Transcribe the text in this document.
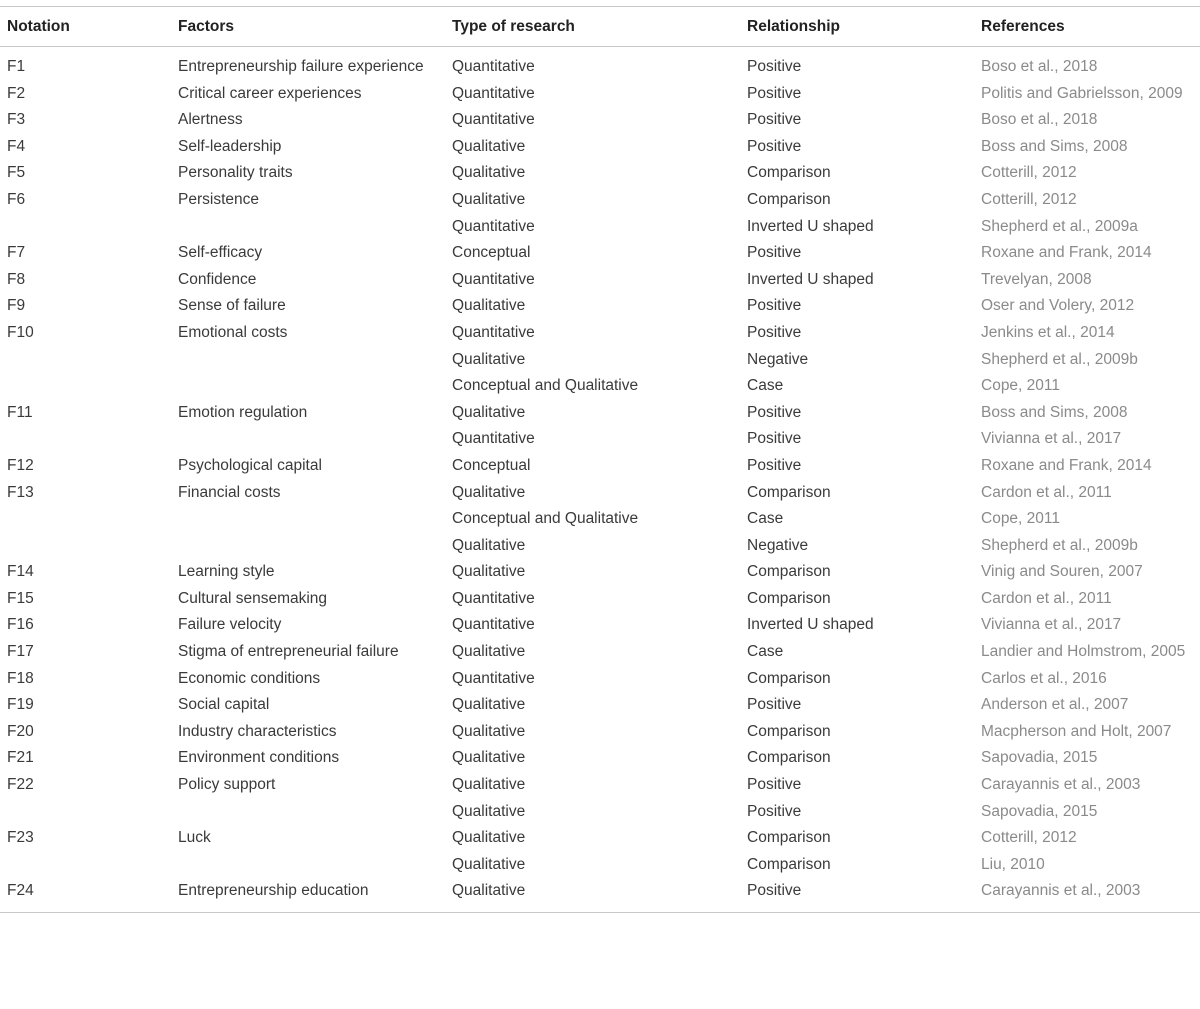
Notation	Factors	Type of research	Relationship	References
F1	Entrepreneurship failure experience	Quantitative	Positive	Boso et al., 2018
F2	Critical career experiences	Quantitative	Positive	Politis and Gabrielsson, 2009
F3	Alertness	Quantitative	Positive	Boso et al., 2018
F4	Self-leadership	Qualitative	Positive	Boss and Sims, 2008
F5	Personality traits	Qualitative	Comparison	Cotterill, 2012
F6	Persistence	Qualitative	Comparison	Cotterill, 2012
		Quantitative	Inverted U shaped	Shepherd et al., 2009a
F7	Self-efficacy	Conceptual	Positive	Roxane and Frank, 2014
F8	Confidence	Quantitative	Inverted U shaped	Trevelyan, 2008
F9	Sense of failure	Qualitative	Positive	Oser and Volery, 2012
F10	Emotional costs	Quantitative	Positive	Jenkins et al., 2014
		Qualitative	Negative	Shepherd et al., 2009b
		Conceptual and Qualitative	Case	Cope, 2011
F11	Emotion regulation	Qualitative	Positive	Boss and Sims, 2008
		Quantitative	Positive	Vivianna et al., 2017
F12	Psychological capital	Conceptual	Positive	Roxane and Frank, 2014
F13	Financial costs	Qualitative	Comparison	Cardon et al., 2011
		Conceptual and Qualitative	Case	Cope, 2011
		Qualitative	Negative	Shepherd et al., 2009b
F14	Learning style	Qualitative	Comparison	Vinig and Souren, 2007
F15	Cultural sensemaking	Quantitative	Comparison	Cardon et al., 2011
F16	Failure velocity	Quantitative	Inverted U shaped	Vivianna et al., 2017
F17	Stigma of entrepreneurial failure	Qualitative	Case	Landier and Holmstrom, 2005
F18	Economic conditions	Quantitative	Comparison	Carlos et al., 2016
F19	Social capital	Qualitative	Positive	Anderson et al., 2007
F20	Industry characteristics	Qualitative	Comparison	Macpherson and Holt, 2007
F21	Environment conditions	Qualitative	Comparison	Sapovadia, 2015
F22	Policy support	Qualitative	Positive	Carayannis et al., 2003
		Qualitative	Positive	Sapovadia, 2015
F23	Luck	Qualitative	Comparison	Cotterill, 2012
		Qualitative	Comparison	Liu, 2010
F24	Entrepreneurship education	Qualitative	Positive	Carayannis et al., 2003
